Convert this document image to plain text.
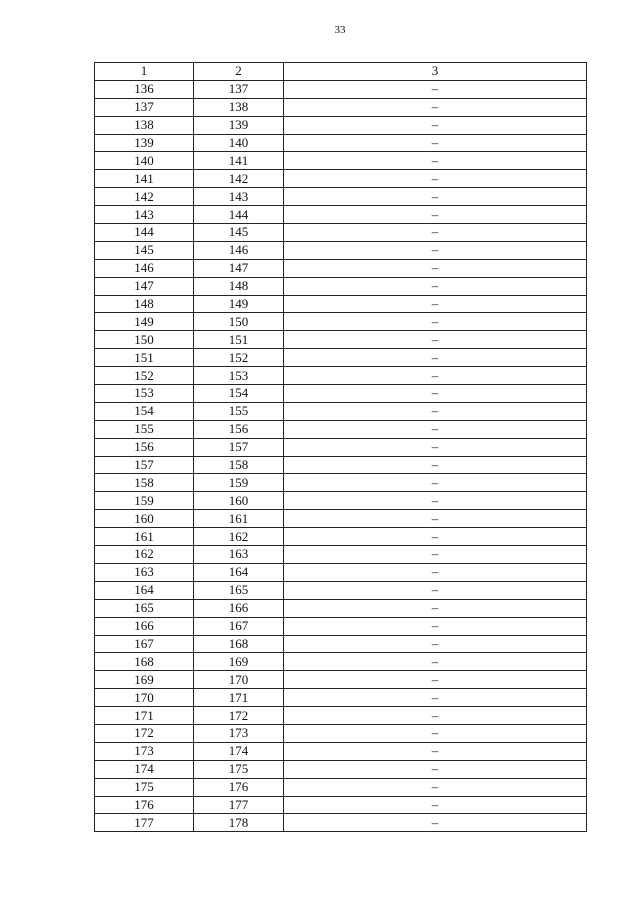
33
1	2	3
136	137	–
137	138	–
138	139	–
139	140	–
140	141	–
141	142	–
142	143	–
143	144	–
144	145	–
145	146	–
146	147	–
147	148	–
148	149	–
149	150	–
150	151	–
151	152	–
152	153	–
153	154	–
154	155	–
155	156	–
156	157	–
157	158	–
158	159	–
159	160	–
160	161	–
161	162	–
162	163	–
163	164	–
164	165	–
165	166	–
166	167	–
167	168	–
168	169	–
169	170	–
170	171	–
171	172	–
172	173	–
173	174	–
174	175	–
175	176	–
176	177	–
177	178	–
